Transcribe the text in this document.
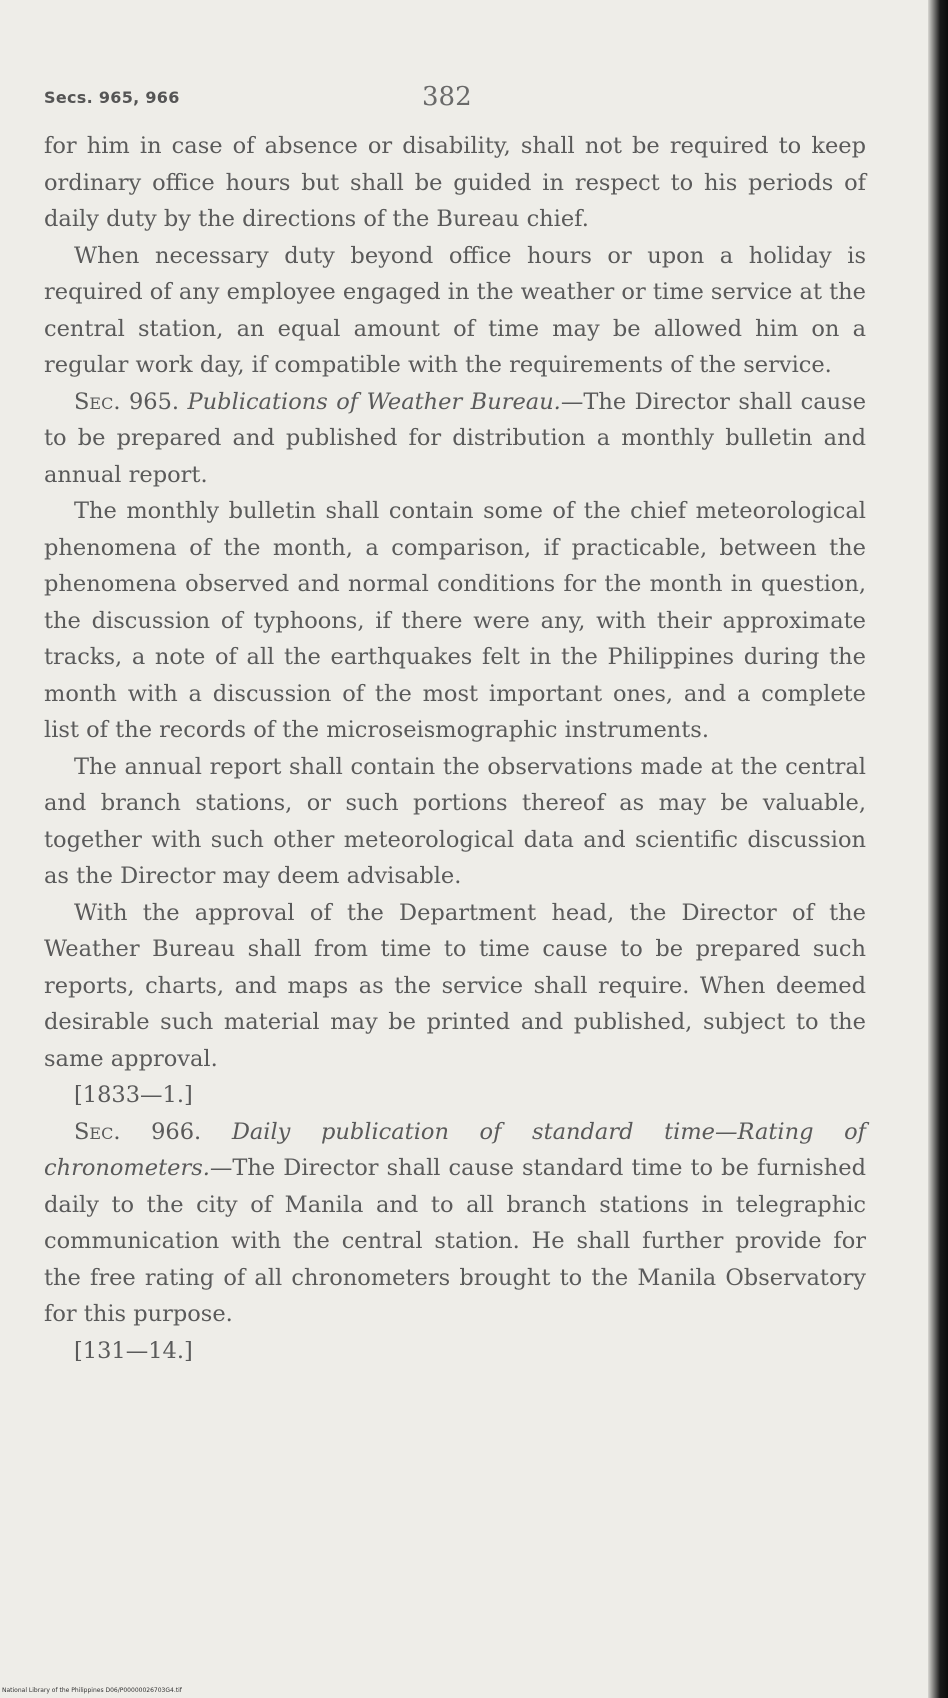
Secs. 965, 966	382

for him in case of absence or disability, shall not be required to keep ordinary office hours but shall be guided in respect to his periods of daily duty by the directions of the Bureau chief.

When necessary duty beyond office hours or upon a holiday is required of any employee engaged in the weather or time service at the central station, an equal amount of time may be allowed him on a regular work day, if compatible with the requirements of the service.

Sec. 965. Publications of Weather Bureau.—The Director shall cause to be prepared and published for distribution a monthly bulletin and annual report.

The monthly bulletin shall contain some of the chief meteorological phenomena of the month, a comparison, if practicable, between the phenomena observed and normal conditions for the month in question, the discussion of typhoons, if there were any, with their approximate tracks, a note of all the earthquakes felt in the Philippines during the month with a discussion of the most important ones, and a complete list of the records of the microseismographic instruments.

The annual report shall contain the observations made at the central and branch stations, or such portions thereof as may be valuable, together with such other meteorological data and scientific discussion as the Director may deem advisable.

With the approval of the Department head, the Director of the Weather Bureau shall from time to time cause to be prepared such reports, charts, and maps as the service shall require. When deemed desirable such material may be printed and published, subject to the same approval.

[1833—1.]

Sec. 966. Daily publication of standard time—Rating of chronometers.—The Director shall cause standard time to be furnished daily to the city of Manila and to all branch stations in telegraphic communication with the central station. He shall further provide for the free rating of all chronometers brought to the Manila Observatory for this purpose.

[131—14.]

National Library of the Philippines D06/P00000026703G4.tif
